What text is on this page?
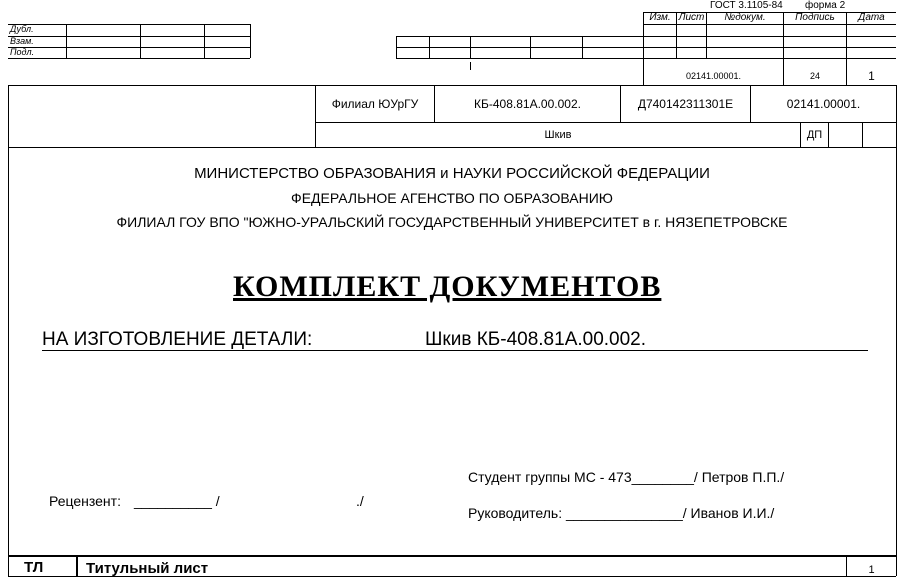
Дубл.
Взам.
Подл.
ГОСТ 3.1105-84 форма 2
Изм. Лист	№докум.	Подпись	Дата
02141.00001.	24	1
Филиал ЮУрГУ	КБ-408.81А.00.002.	Д740142311301Е	02141.00001.
Шкив	ДП
МИНИСТЕРСТВО ОБРАЗОВАНИЯ и НАУКИ РОССИЙСКОЙ ФЕДЕРАЦИИ
ФЕДЕРАЛЬНОЕ АГЕНСТВО ПО ОБРАЗОВАНИЮ
ФИЛИАЛ ГОУ ВПО "ЮЖНО-УРАЛЬСКИЙ ГОСУДАРСТВЕННЫЙ УНИВЕРСИТЕТ в г. НЯЗЕПЕТРОВСКЕ
КОМПЛЕКТ ДОКУМЕНТОВ
НА ИЗГОТОВЛЕНИЕ ДЕТАЛИ:	Шкив КБ-408.81А.00.002.
Студент группы МС - 473________/ Петров П.П./
Руководитель: _______________/ Иванов И.И./
Рецензент: __________ /	./
ТЛ	Титульный лист	1
